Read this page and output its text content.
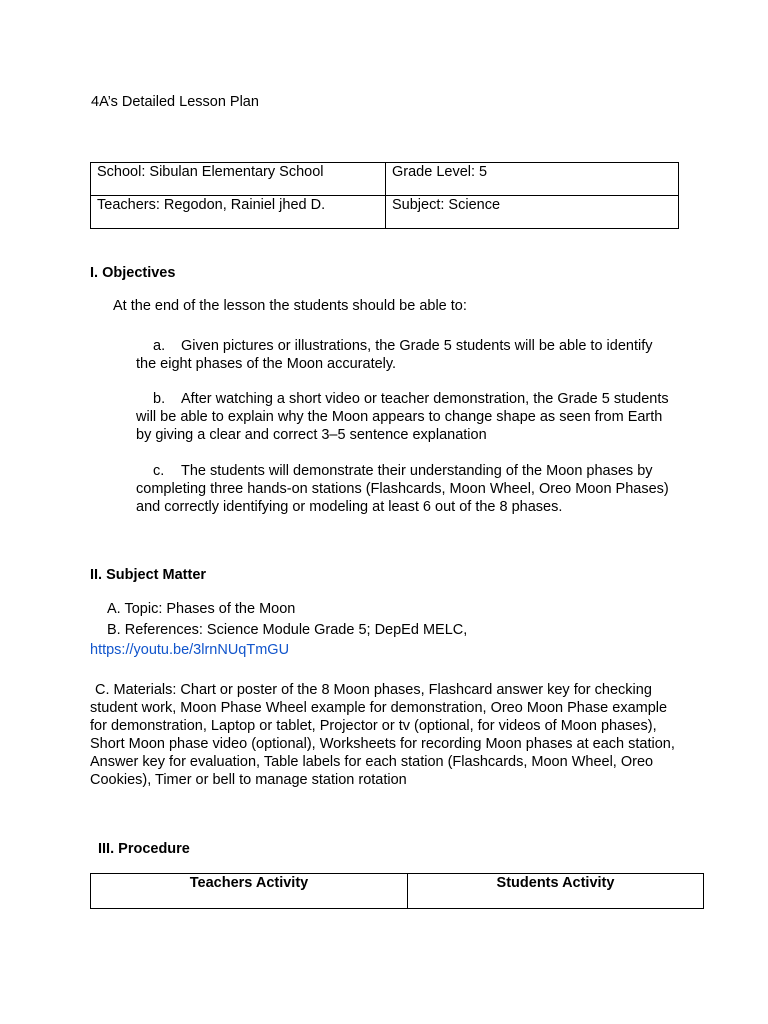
4A’s Detailed Lesson Plan
School: Sibulan Elementary School	Grade Level: 5
Teachers: Regodon, Rainiel jhed D.	Subject: Science
I. Objectives
At the end of the lesson the students should be able to:
a. Given pictures or illustrations, the Grade 5 students will be able to identify the eight phases of the Moon accurately.
b. After watching a short video or teacher demonstration, the Grade 5 students will be able to explain why the Moon appears to change shape as seen from Earth by giving a clear and correct 3–5 sentence explanation
c. The students will demonstrate their understanding of the Moon phases by completing three hands-on stations (Flashcards, Moon Wheel, Oreo Moon Phases) and correctly identifying or modeling at least 6 out of the 8 phases.
II. Subject Matter
A. Topic: Phases of the Moon
B. References: Science Module Grade 5; DepEd MELC,
https://youtu.be/3lrnNUqTmGU
C. Materials: Chart or poster of the 8 Moon phases, Flashcard answer key for checking student work, Moon Phase Wheel example for demonstration, Oreo Moon Phase example for demonstration, Laptop or tablet, Projector or tv (optional, for videos of Moon phases), Short Moon phase video (optional), Worksheets for recording Moon phases at each station, Answer key for evaluation, Table labels for each station (Flashcards, Moon Wheel, Oreo Cookies), Timer or bell to manage station rotation
III. Procedure
Teachers Activity	Students Activity
